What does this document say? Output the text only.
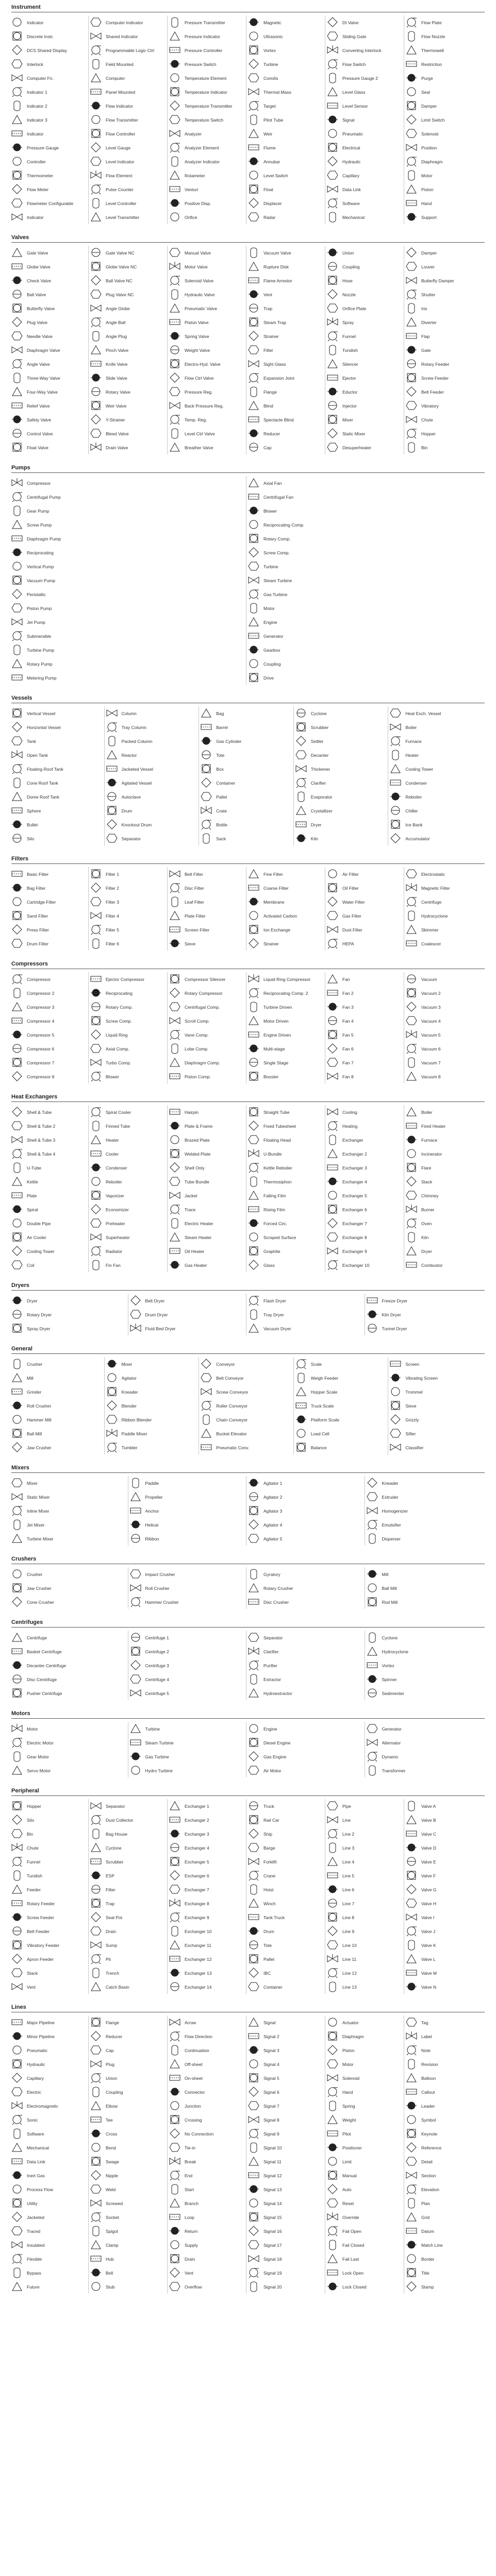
Instrument
Indicator
Discrete Instr.
DCS Shared Display
Interlock
Computer Fn.
Indicator 1
Indicator 2
Indicator 3
Indicator
Pressure Gauge
Controller
Thermometer
Flow Meter
Flowmeter Configurable
Indicator
Computer Indicator
Shared Indicator
Programmable Logic Ctrl
Field Mounted
Computer
Panel Mounted
Flow Indicator
Flow Transmitter
Flow Controller
Level Gauge
Level Indicator
Flow Element
Pulse Counter
Level Controller
Level Transmitter
Pressure Transmitter
Pressure Indicator
Pressure Controller
Pressure Switch
Temperature Element
Temperature Indicator
Temperature Transmitter
Temperature Switch
Analyzer
Analyzer Element
Analyzer Indicator
Rotameter
Venturi
Positive Disp.
Orifice
Magnetic
Ultrasonic
Vortex
Turbine
Coriolis
Thermal Mass
Target
Pitot Tube
Weir
Flume
Annubar
Level Switch
Float
Displacer
Radar
DI Valve
Sliding Gate
Converting Interlock
Flow Switch
Pressure Gauge 2
Level Glass
Level Sensor
Signal
Pneumatic
Electrical
Hydraulic
Capillary
Data Link
Software
Mechanical
Flow Plate
Flow Nozzle
Thermowell
Restriction
Purge
Seal
Damper
Limit Switch
Solenoid
Position
Diaphragm
Motor
Piston
Hand
Support
Valves
Gate Valve
Globe Valve
Check Valve
Ball Valve
Butterfly Valve
Plug Valve
Needle Valve
Diaphragm Valve
Angle Valve
Three-Way Valve
Four-Way Valve
Relief Valve
Safety Valve
Control Valve
Float Valve
Gate Valve NC
Globe Valve NC
Ball Valve NC
Plug Valve NC
Angle Globe
Angle Ball
Angle Plug
Pinch Valve
Knife Valve
Slide Valve
Rotary Valve
Weir Valve
Y-Strainer
Bleed Valve
Drain Valve
Manual Valve
Motor Valve
Solenoid Valve
Hydraulic Valve
Pneumatic Valve
Piston Valve
Spring Valve
Weight Valve
Electro-Hyd. Valve
Flow Ctrl Valve
Pressure Reg.
Back Pressure Reg.
Temp. Reg.
Level Ctrl Valve
Breather Valve
Vacuum Valve
Rupture Disk
Flame Arrestor
Vent
Trap
Steam Trap
Strainer
Filter
Sight Glass
Expansion Joint
Flange
Blind
Spectacle Blind
Reducer
Cap
Union
Coupling
Hose
Nozzle
Orifice Plate
Spray
Funnel
Tundish
Silencer
Ejector
Eductor
Injector
Mixer
Static Mixer
Desuperheater
Damper
Louver
Butterfly Damper
Shutter
Iris
Diverter
Flap
Gate
Rotary Feeder
Screw Feeder
Belt Feeder
Vibratory
Chute
Hopper
Bin
Pumps
Compressor
Centrifugal Pump
Gear Pump
Screw Pump
Diaphragm Pump
Reciprocating
Vertical Pump
Vacuum Pump
Peristaltic
Piston Pump
Jet Pump
Submersible
Turbine Pump
Rotary Pump
Metering Pump
Axial Fan
Centrifugal Fan
Blower
Reciprocating Comp.
Rotary Comp.
Screw Comp.
Turbine
Steam Turbine
Gas Turbine
Motor
Engine
Generator
Gearbox
Coupling
Drive
Vessels
Vertical Vessel
Horizontal Vessel
Tank
Open Tank
Floating Roof Tank
Cone Roof Tank
Dome Roof Tank
Sphere
Bullet
Silo
Column
Tray Column
Packed Column
Reactor
Jacketed Vessel
Agitated Vessel
Autoclave
Drum
Knockout Drum
Separator
Bag
Barrel
Gas Cylinder
Tote
Box
Container
Pallet
Crate
Bottle
Sack
Cyclone
Scrubber
Settler
Decanter
Thickener
Clarifier
Evaporator
Crystallizer
Dryer
Kiln
Heat Exch. Vessel
Boiler
Furnace
Heater
Cooling Tower
Condenser
Reboiler
Chiller
Ice Bank
Accumulator
Filters
Basic Filter
Bag Filter
Cartridge Filter
Sand Filter
Press Filter
Drum Filter
Filter 1
Filter 2
Filter 3
Filter 4
Filter 5
Filter 6
Belt Filter
Disc Filter
Leaf Filter
Plate Filter
Screen Filter
Sieve
Fine Filter
Coarse Filter
Membrane
Activated Carbon
Ion Exchange
Strainer
Air Filter
Oil Filter
Water Filter
Gas Filter
Dust Filter
HEPA
Electrostatic
Magnetic Filter
Centrifuge
Hydrocyclone
Skimmer
Coalescer
Compressors
Compressor
Compressor 2
Compressor 3
Compressor 4
Compressor 5
Compressor 6
Compressor 7
Compressor 8
Ejector Compressor
Reciprocating
Rotary Comp.
Screw Comp.
Liquid Ring
Axial Comp.
Turbo Comp.
Blower
Compressor Silencer
Rotary Compressor
Centrifugal Comp.
Scroll Comp.
Vane Comp.
Lobe Comp.
Diaphragm Comp.
Piston Comp.
Liquid Ring Compressor
Reciprocating Comp. 2
Turbine Driven
Motor Driven
Engine Driven
Multi-stage
Single Stage
Booster
Fan
Fan 2
Fan 3
Fan 4
Fan 5
Fan 6
Fan 7
Fan 8
Vacuum
Vacuum 2
Vacuum 3
Vacuum 4
Vacuum 5
Vacuum 6
Vacuum 7
Vacuum 8
Heat Exchangers
Shell & Tube
Shell & Tube 2
Shell & Tube 3
Shell & Tube 4
U-Tube
Kettle
Plate
Spiral
Double Pipe
Air Cooler
Cooling Tower
Coil
Spiral Cooler
Finned Tube
Heater
Cooler
Condenser
Reboiler
Vaporizer
Economizer
Preheater
Superheater
Radiator
Fin Fan
Hairpin
Plate & Frame
Brazed Plate
Welded Plate
Shell Only
Tube Bundle
Jacket
Trace
Electric Heater
Steam Heater
Oil Heater
Gas Heater
Straight Tube
Fixed Tubesheet
Floating Head
U-Bundle
Kettle Reboiler
Thermosiphon
Falling Film
Rising Film
Forced Circ.
Scraped Surface
Graphite
Glass
Cooling
Heating
Exchanger
Exchanger 2
Exchanger 3
Exchanger 4
Exchanger 5
Exchanger 6
Exchanger 7
Exchanger 8
Exchanger 9
Exchanger 10
Boiler
Fired Heater
Furnace
Incinerator
Flare
Stack
Chimney
Burner
Oven
Kiln
Dryer
Combustor
Dryers
Dryer
Rotary Dryer
Spray Dryer
Belt Dryer
Drum Dryer
Fluid Bed Dryer
Flash Dryer
Tray Dryer
Vacuum Dryer
Freeze Dryer
Kiln Dryer
Tunnel Dryer
General
Crusher
Mill
Grinder
Roll Crusher
Hammer Mill
Ball Mill
Jaw Crusher
Mixer
Agitator
Kneader
Blender
Ribbon Blender
Paddle Mixer
Tumbler
Conveyor
Belt Conveyor
Screw Conveyor
Roller Conveyor
Chain Conveyor
Bucket Elevator
Pneumatic Conv.
Scale
Weigh Feeder
Hopper Scale
Truck Scale
Platform Scale
Load Cell
Balance
Screen
Vibrating Screen
Trommel
Sieve
Grizzly
Sifter
Classifier
Mixers
Mixer
Static Mixer
Inline Mixer
Jet Mixer
Turbine Mixer
Paddle
Propeller
Anchor
Helical
Ribbon
Agitator 1
Agitator 2
Agitator 3
Agitator 4
Agitator 5
Kneader
Extruder
Homogenizer
Emulsifier
Disperser
Crushers
Crusher
Jaw Crusher
Cone Crusher
Impact Crusher
Roll Crusher
Hammer Crusher
Gyratory
Rotary Crusher
Disc Crusher
Mill
Ball Mill
Rod Mill
Centrifuges
Centrifuge
Basket Centrifuge
Decanter Centrifuge
Disc Centrifuge
Pusher Centrifuge
Centrifuge 1
Centrifuge 2
Centrifuge 3
Centrifuge 4
Centrifuge 5
Separator
Clarifier
Purifier
Extractor
Hydroextractor
Cyclone
Hydrocyclone
Vortex
Spinner
Sedimenter
Motors
Motor
Electric Motor
Gear Motor
Servo Motor
Turbine
Steam Turbine
Gas Turbine
Hydro Turbine
Engine
Diesel Engine
Gas Engine
Air Motor
Generator
Alternator
Dynamo
Transformer
Peripheral
Hopper
Silo
Bin
Chute
Funnel
Tundish
Feeder
Rotary Feeder
Screw Feeder
Belt Feeder
Vibratory Feeder
Apron Feeder
Stack
Vent
Separator
Dust Collector
Bag House
Cyclone
Scrubber
ESP
Filter
Trap
Seal Pot
Drain
Sump
Pit
Trench
Catch Basin
Exchanger 1
Exchanger 2
Exchanger 3
Exchanger 4
Exchanger 5
Exchanger 6
Exchanger 7
Exchanger 8
Exchanger 9
Exchanger 10
Exchanger 11
Exchanger 12
Exchanger 13
Exchanger 14
Truck
Rail Car
Ship
Barge
Forklift
Crane
Hoist
Winch
Tank Truck
Drum
Tote
Pallet
IBC
Container
Pipe
Line
Line 2
Line 3
Line 4
Line 5
Line 6
Line 7
Line 8
Line 9
Line 10
Line 11
Line 12
Line 13
Valve A
Valve B
Valve C
Valve D
Valve E
Valve F
Valve G
Valve H
Valve I
Valve J
Valve K
Valve L
Valve M
Valve N
Lines
Major Pipeline
Minor Pipeline
Pneumatic
Hydraulic
Capillary
Electric
Electromagnetic
Sonic
Software
Mechanical
Data Link
Inert Gas
Process Flow
Utility
Jacketed
Traced
Insulated
Flexible
Bypass
Future
Flange
Reducer
Cap
Plug
Union
Coupling
Elbow
Tee
Cross
Bend
Swage
Nipple
Weld
Screwed
Socket
Spigot
Clamp
Hub
Bell
Stub
Arrow
Flow Direction
Continuation
Off-sheet
On-sheet
Connector
Junction
Crossing
No Connection
Tie-in
Break
End
Start
Branch
Loop
Return
Supply
Drain
Vent
Overflow
Signal
Signal 2
Signal 3
Signal 4
Signal 5
Signal 6
Signal 7
Signal 8
Signal 9
Signal 10
Signal 11
Signal 12
Signal 13
Signal 14
Signal 15
Signal 16
Signal 17
Signal 18
Signal 19
Signal 20
Actuator
Diaphragm
Piston
Motor
Solenoid
Hand
Spring
Weight
Pilot
Positioner
Limit
Manual
Auto
Reset
Override
Fail Open
Fail Closed
Fail Last
Lock Open
Lock Closed
Tag
Label
Note
Revision
Balloon
Callout
Leader
Symbol
Keynote
Reference
Detail
Section
Elevation
Plan
Grid
Datum
Match Line
Border
Title
Stamp
